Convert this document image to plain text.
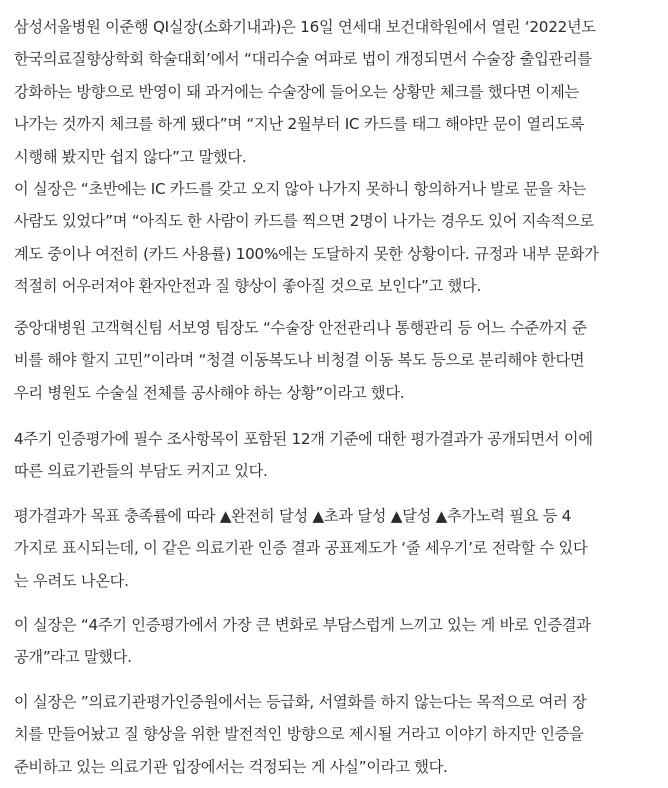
삼성서울병원 이준행 QI실장(소화기내과)은 16일 연세대 보건대학원에서 열린 ‘2022년도
한국의료질향상학회 학술대회’에서 “대리수술 여파로 법이 개정되면서 수술장 출입관리를
강화하는 방향으로 반영이 돼 과거에는 수술장에 들어오는 상황만 체크를 했다면 이제는
나가는 것까지 체크를 하게 됐다”며 “지난 2월부터 IC 카드를 태그 해야만 문이 열리도록
시행해 봤지만 쉽지 않다”고 말했다.

이 실장은 “초반에는 IC 카드를 갖고 오지 않아 나가지 못하니 항의하거나 발로 문을 차는
사람도 있었다”며 “아직도 한 사람이 카드를 찍으면 2명이 나가는 경우도 있어 지속적으로
계도 중이나 여전히 (카드 사용률) 100%에는 도달하지 못한 상황이다. 규정과 내부 문화가
적절히 어우러져야 환자안전과 질 향상이 좋아질 것으로 보인다”고 했다.

중앙대병원 고객혁신팀 서보영 팀장도 “수술장 안전관리나 통행관리 등 어느 수준까지 준
비를 해야 할지 고민”이라며 “청결 이동복도나 비청결 이동 복도 등으로 분리해야 한다면
우리 병원도 수술실 전체를 공사해야 하는 상황”이라고 했다.

4주기 인증평가에 필수 조사항목이 포함된 12개 기준에 대한 평가결과가 공개되면서 이에
따른 의료기관들의 부담도 커지고 있다.

평가결과가 목표 충족률에 따라 ▲완전히 달성 ▲초과 달성 ▲달성 ▲추가노력 필요 등 4
가지로 표시되는데, 이 같은 의료기관 인증 결과 공표제도가 ‘줄 세우기’로 전락할 수 있다
는 우려도 나온다.

이 실장은 “4주기 인증평가에서 가장 큰 변화로 부담스럽게 느끼고 있는 게 바로 인증결과
공개”라고 말했다.

이 실장은 ”의료기관평가인증원에서는 등급화, 서열화를 하지 않는다는 목적으로 여러 장
치를 만들어놨고 질 향상을 위한 발전적인 방향으로 제시될 거라고 이야기 하지만 인증을
준비하고 있는 의료기관 입장에서는 걱정되는 게 사실”이라고 했다.
